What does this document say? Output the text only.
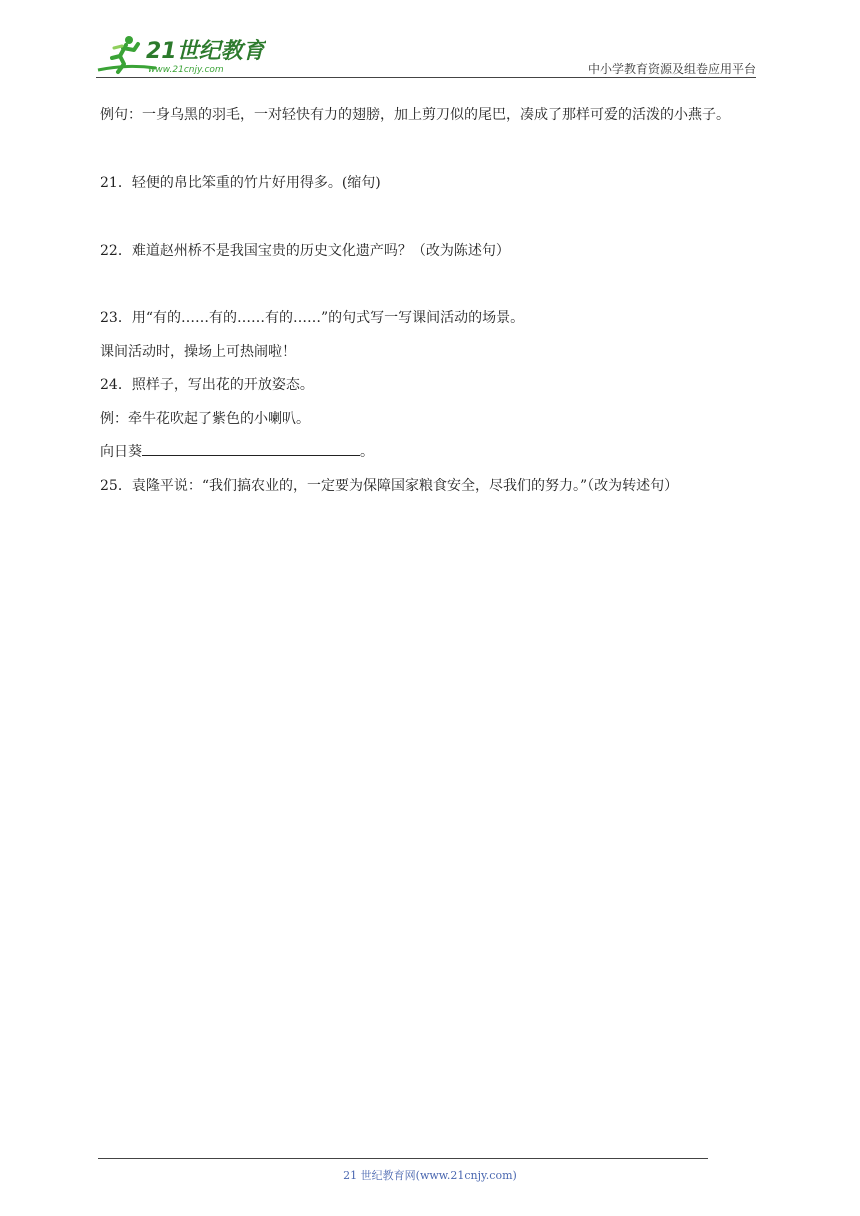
21世纪教育
www.21cnjy.com	中小学教育资源及组卷应用平台
例句：一身乌黑的羽毛，一对轻快有力的翅膀，加上剪刀似的尾巴，凑成了那样可爱的活泼的小燕子。
21．轻便的帛比笨重的竹片好用得多。(缩句)
22．难道赵州桥不是我国宝贵的历史文化遗产吗？（改为陈述句）
23．用“有的……有的……有的……”的句式写一写课间活动的场景。
课间活动时，操场上可热闹啦！
24．照样子，写出花的开放姿态。
例：牵牛花吹起了紫色的小喇叭。
向日葵	。
25．袁隆平说：“我们搞农业的，一定要为保障国家粮食安全，尽我们的努力。”（改为转述句）
21 世纪教育网(www.21cnjy.com)
